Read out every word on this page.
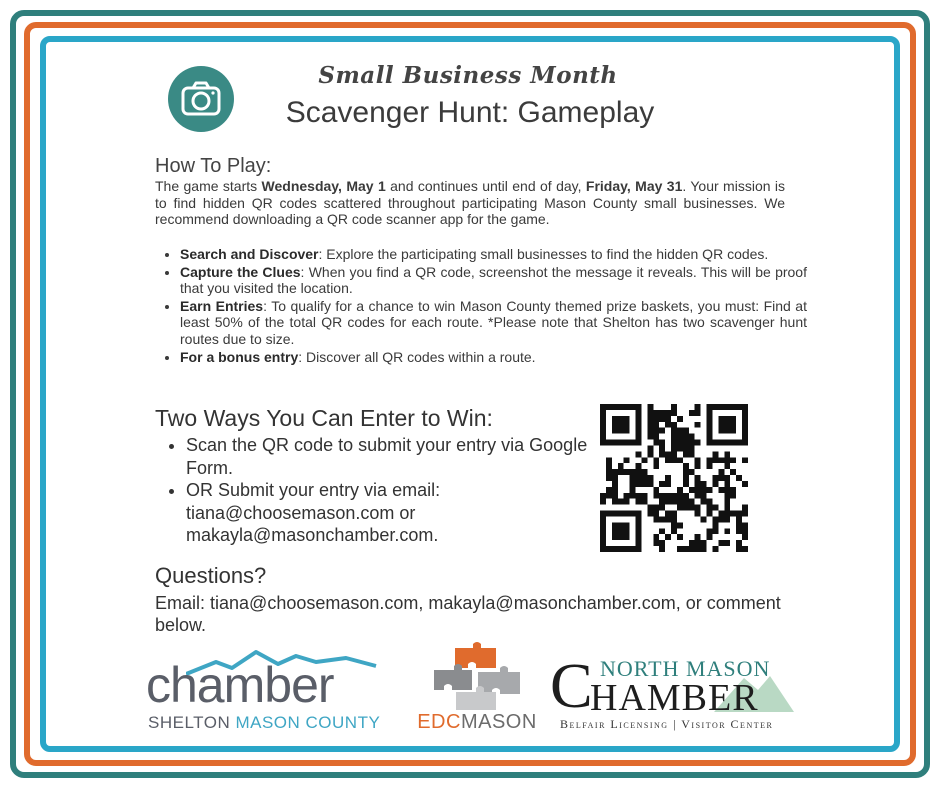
Small Business Month
Scavenger Hunt: Gameplay
How To Play:
The game starts Wednesday, May 1 and continues until end of day, Friday, May 31. Your mission is to find hidden QR codes scattered throughout participating Mason County small businesses. We recommend downloading a QR code scanner app for the game.
• Search and Discover: Explore the participating small businesses to find the hidden QR codes.
• Capture the Clues: When you find a QR code, screenshot the message it reveals. This will be proof that you visited the location.
• Earn Entries: To qualify for a chance to win Mason County themed prize baskets, you must: Find at least 50% of the total QR codes for each route. *Please note that Shelton has two scavenger hunt routes due to size.
• For a bonus entry: Discover all QR codes within a route.
Two Ways You Can Enter to Win:
• Scan the QR code to submit your entry via Google Form.
• OR Submit your entry via email: tiana@choosemason.com or makayla@masonchamber.com.
Questions?
Email: tiana@choosemason.com, makayla@masonchamber.com, or comment below.
chamber
SHELTON MASON COUNTY	EDCMASON
C NORTH MASON
HAMBER
Belfair Licensing | Visitor Center
